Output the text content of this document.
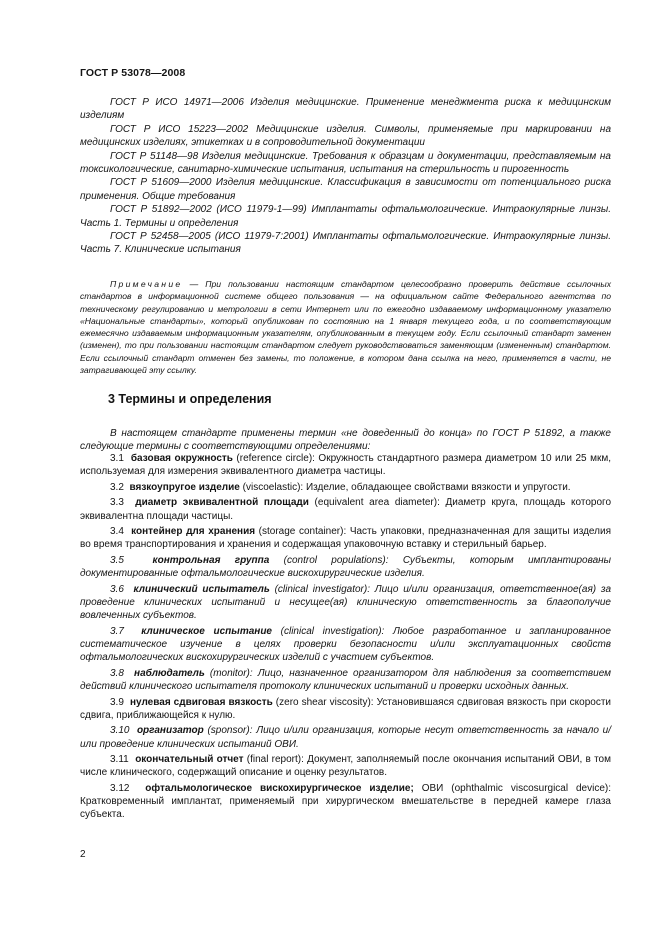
ГОСТ Р 53078—2008

ГОСТ Р ИСО 14971—2006 Изделия медицинские. Применение менеджмента риска к медицинским изделиям

ГОСТ Р ИСО 15223—2002 Медицинские изделия. Символы, применяемые при маркировании на медицинских изделиях, этикетках и в сопроводительной документации

ГОСТ Р 51148—98 Изделия медицинские. Требования к образцам и документации, представляемым на токсикологические, санитарно-химические испытания, испытания на стерильность и пирогенность

ГОСТ Р 51609—2000 Изделия медицинские. Классификация в зависимости от потенциального риска применения. Общие требования

ГОСТ Р 51892—2002 (ИСО 11979-1—99) Имплантаты офтальмологические. Интраокулярные линзы. Часть 1. Термины и определения

ГОСТ Р 52458—2005 (ИСО 11979-7:2001) Имплантаты офтальмологические. Интраокулярные линзы. Часть 7. Клинические испытания

Примечание — При пользовании настоящим стандартом целесообразно проверить действие ссылочных стандартов в информационной системе общего пользования — на официальном сайте Федерального агентства по техническому регулированию и метрологии в сети Интернет или по ежегодно издаваемому информационному указателю «Национальные стандарты», который опубликован по состоянию на 1 января текущего года, и по соответствующим ежемесячно издаваемым информационным указателям, опубликованным в текущем году. Если ссылочный стандарт заменен (изменен), то при пользовании настоящим стандартом следует руководствоваться заменяющим (измененным) стандартом. Если ссылочный стандарт отменен без замены, то положение, в котором дана ссылка на него, применяется в части, не затрагивающей эту ссылку.

3 Термины и определения

В настоящем стандарте применены термин «не доведенный до конца» по ГОСТ Р 51892, а также следующие термины с соответствующими определениями:

3.1 базовая окружность (reference circle): Окружность стандартного размера диаметром 10 или 25 мкм, используемая для измерения эквивалентного диаметра частицы.

3.2 вязкоупругое изделие (viscoelastic): Изделие, обладающее свойствами вязкости и упругости.

3.3 диаметр эквивалентной площади (equivalent area diameter): Диаметр круга, площадь которого эквивалентна площади частицы.

3.4 контейнер для хранения (storage container): Часть упаковки, предназначенная для защиты изделия во время транспортирования и хранения и содержащая упаковочную вставку и стерильный барьер.

3.5	контрольная группа (control populations): Субъекты, которым имплантированы документированные офтальмологические вискохирургические изделия.

3.6 клинический испытатель (clinical investigator): Лицо и/или организация, ответственное(ая) за проведение клинических испытаний и несущее(ая) клиническую ответственность за благополучие вовлеченных субъектов.

3.7 клиническое испытание (clinical investigation): Любое разработанное и запланированное систематическое изучение в целях проверки безопасности и/или эксплуатационных свойств офтальмологических вискохирургических изделий с участием субъектов.

3.8 наблюдатель (monitor): Лицо, назначенное организатором для наблюдения за соответствием действий клинического испытателя протоколу клинических испытаний и проверки исходных данных.

3.9 нулевая сдвиговая вязкость (zero shear viscosity): Установившаяся сдвиговая вязкость при скорости сдвига, приближающейся к нулю.

3.10 организатор (sponsor): Лицо и/или организация, которые несут ответственность за начало и/или проведение клинических испытаний ОВИ.

3.11 окончательный отчет (final report): Документ, заполняемый после окончания испытаний ОВИ, в том числе клинического, содержащий описание и оценку результатов.

3.12 офтальмологическое вискохирургическое изделие; ОВИ (ophthalmic viscosurgical device): Кратковременный имплантат, применяемый при хирургическом вмешательстве в передней камере глаза субъекта.

2
